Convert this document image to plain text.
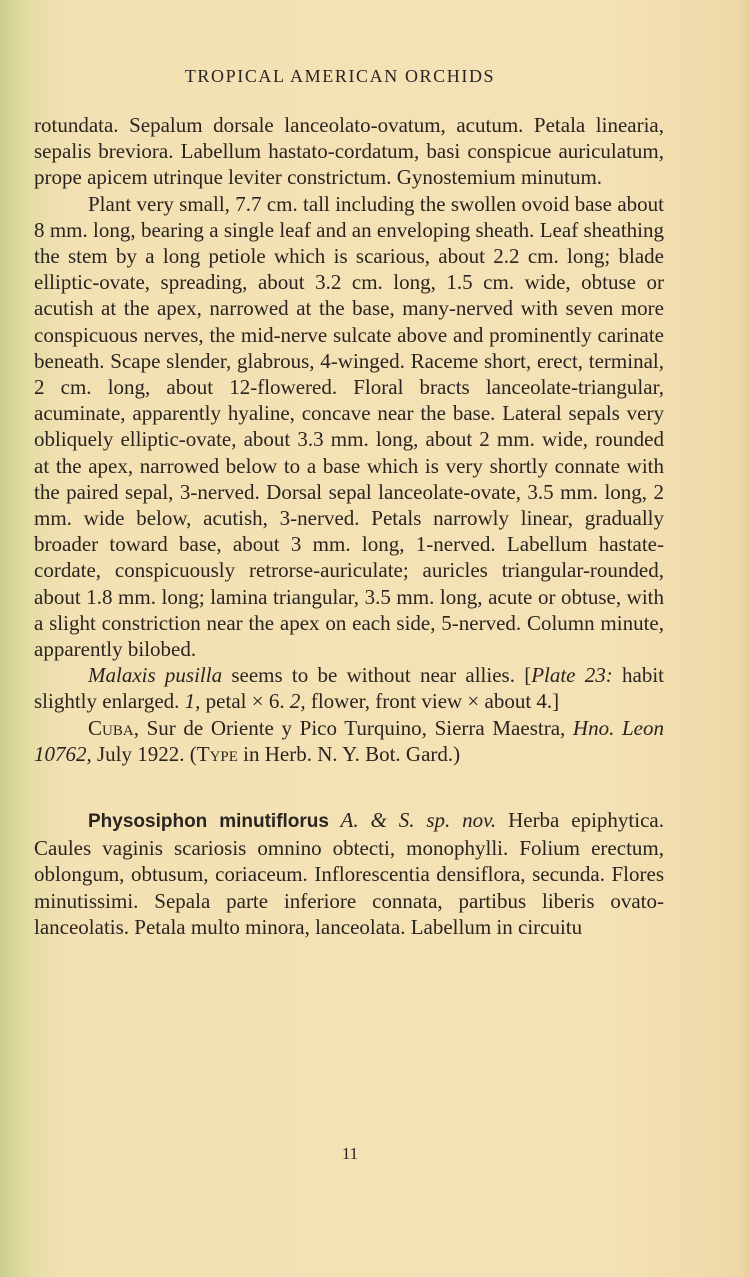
TROPICAL AMERICAN ORCHIDS

rotundata. Sepalum dorsale lanceolato-ovatum, acutum. Petala linearia, sepalis breviora. Labellum hastato-cordatum, basi conspicue auriculatum, prope apicem utrinque leviter constrictum. Gynostemium minutum.

Plant very small, 7.7 cm. tall including the swollen ovoid base about 8 mm. long, bearing a single leaf and an enveloping sheath. Leaf sheathing the stem by a long petiole which is scarious, about 2.2 cm. long; blade elliptic-ovate, spreading, about 3.2 cm. long, 1.5 cm. wide, obtuse or acutish at the apex, narrowed at the base, many-nerved with seven more conspicuous nerves, the mid-nerve sulcate above and prominently carinate beneath. Scape slender, glabrous, 4-winged. Raceme short, erect, terminal, 2 cm. long, about 12-flowered. Floral bracts lanceolate-triangular, acuminate, apparently hyaline, concave near the base. Lateral sepals very obliquely elliptic-ovate, about 3.3 mm. long, about 2 mm. wide, rounded at the apex, narrowed below to a base which is very shortly connate with the paired sepal, 3-nerved. Dorsal sepal lanceolate-ovate, 3.5 mm. long, 2 mm. wide below, acutish, 3-nerved. Petals narrowly linear, gradually broader toward base, about 3 mm. long, 1-nerved. Labellum hastate-cordate, conspicuously retrorse-auriculate; auricles triangular-rounded, about 1.8 mm. long; lamina triangular, 3.5 mm. long, acute or obtuse, with a slight constriction near the apex on each side, 5-nerved. Column minute, apparently bilobed.

Malaxis pusilla seems to be without near allies. [Plate 23: habit slightly enlarged. 1, petal × 6. 2, flower, front view × about 4.]

Cuba, Sur de Oriente y Pico Turquino, Sierra Maestra, Hno. Leon 10762, July 1922. (Type in Herb. N. Y. Bot. Gard.)

Physosiphon minutiflorus A. & S. sp. nov. Herba epiphytica. Caules vaginis scariosis omnino obtecti, monophylli. Folium erectum, oblongum, obtusum, coriaceum. Inflorescentia densiflora, secunda. Flores minutissimi. Sepala parte inferiore connata, partibus liberis ovato-lanceolatis. Petala multo minora, lanceolata. Labellum in circuitu

11
